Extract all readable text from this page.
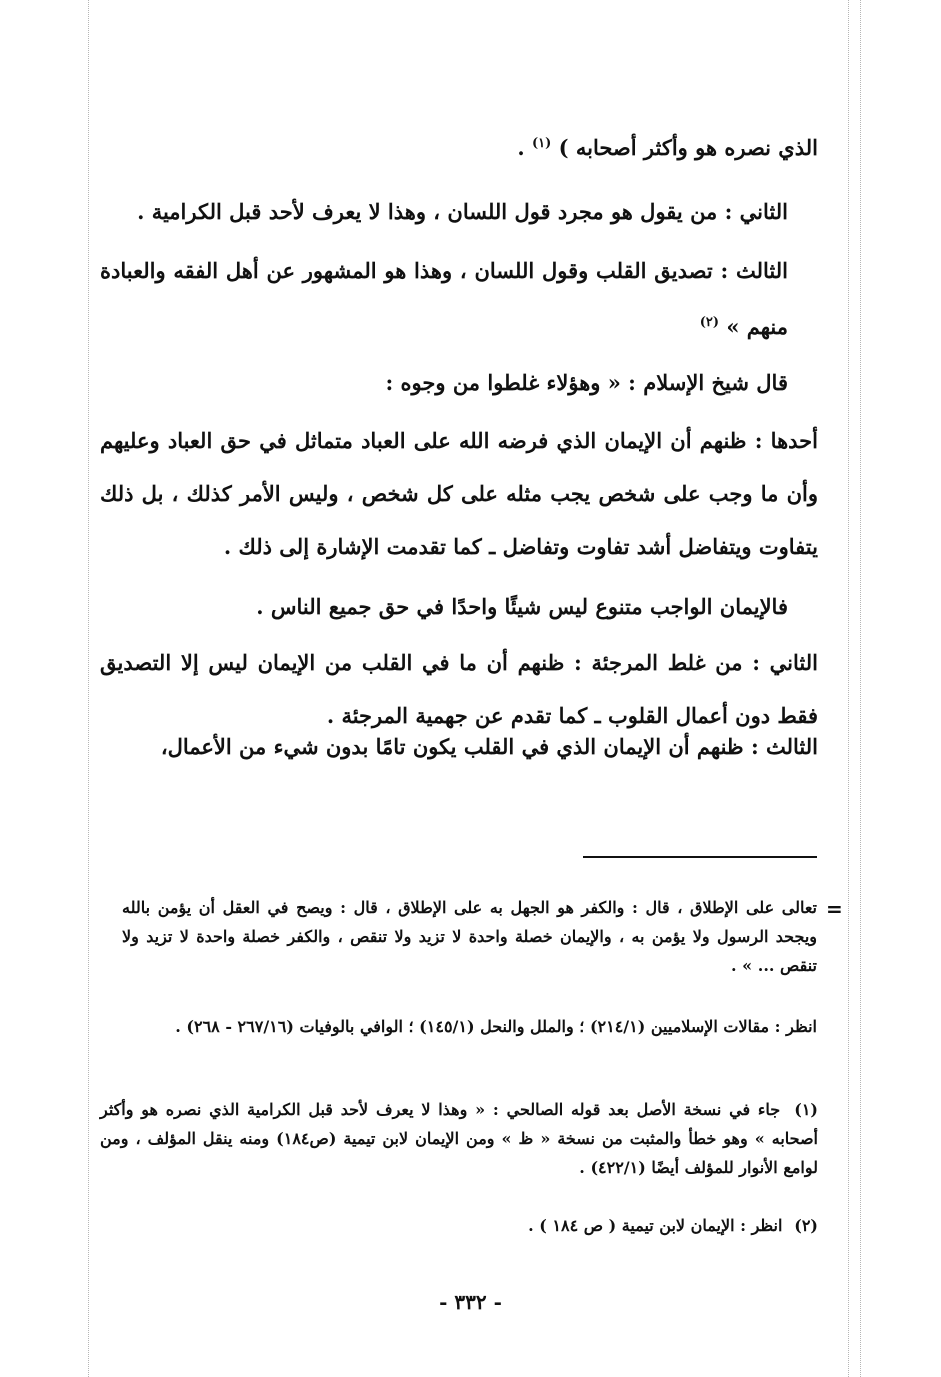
الذي نصره هو وأكثر أصحابه ) $^{(١)}$ .

الثاني : من يقول هو مجرد قول اللسان ، وهذا لا يعرف لأحد قبل الكرامية .

الثالث : تصديق القلب وقول اللسان ، وهذا هو المشهور عن أهل الفقه والعبادة منهم » $^{(٢)}$

قال شيخ الإسلام : « وهؤلاء غلطوا من وجوه :

أحدها : ظنهم أن الإيمان الذي فرضه الله على العباد متماثل في حق العباد وعليهم وأن ما وجب على شخص يجب مثله على كل شخص ، وليس الأمر كذلك ، بل ذلك يتفاوت ويتفاضل أشد تفاوت وتفاضل ـ كما تقدمت الإشارة إلى ذلك .

فالإيمان الواجب متنوع ليس شيئًا واحدًا في حق جميع الناس .

الثاني : من غلط المرجئة : ظنهم أن ما في القلب من الإيمان ليس إلا التصديق فقط دون أعمال القلوب ـ كما تقدم عن جهمية المرجئة .

الثالث : ظنهم أن الإيمان الذي في القلب يكون تامًا بدون شيء من الأعمال،

=

تعالى على الإطلاق ، قال : والكفر هو الجهل به على الإطلاق ، قال : ويصح في العقل أن يؤمن بالله ويجحد الرسول ولا يؤمن به ، والإيمان خصلة واحدة لا تزيد ولا تنقص ، والكفر خصلة واحدة لا تزيد ولا تنقص ... » .

انظر : مقالات الإسلاميين (٢١٤/١) ؛ والملل والنحل (١٤٥/١) ؛ الوافي بالوفيات (٢٦٧/١٦ - ٢٦٨) .

(١) جاء في نسخة الأصل بعد قوله الصالحي : « وهذا لا يعرف لأحد قبل الكرامية الذي نصره هو وأكثر أصحابه » وهو خطأ والمثبت من نسخة « ظ » ومن الإيمان لابن تيمية (ص١٨٤) ومنه ينقل المؤلف ، ومن لوامع الأنوار للمؤلف أيضًا (٤٢٢/١) .

(٢) انظر : الإيمان لابن تيمية ( ص ١٨٤ ) .

- ٣٣٢ -
